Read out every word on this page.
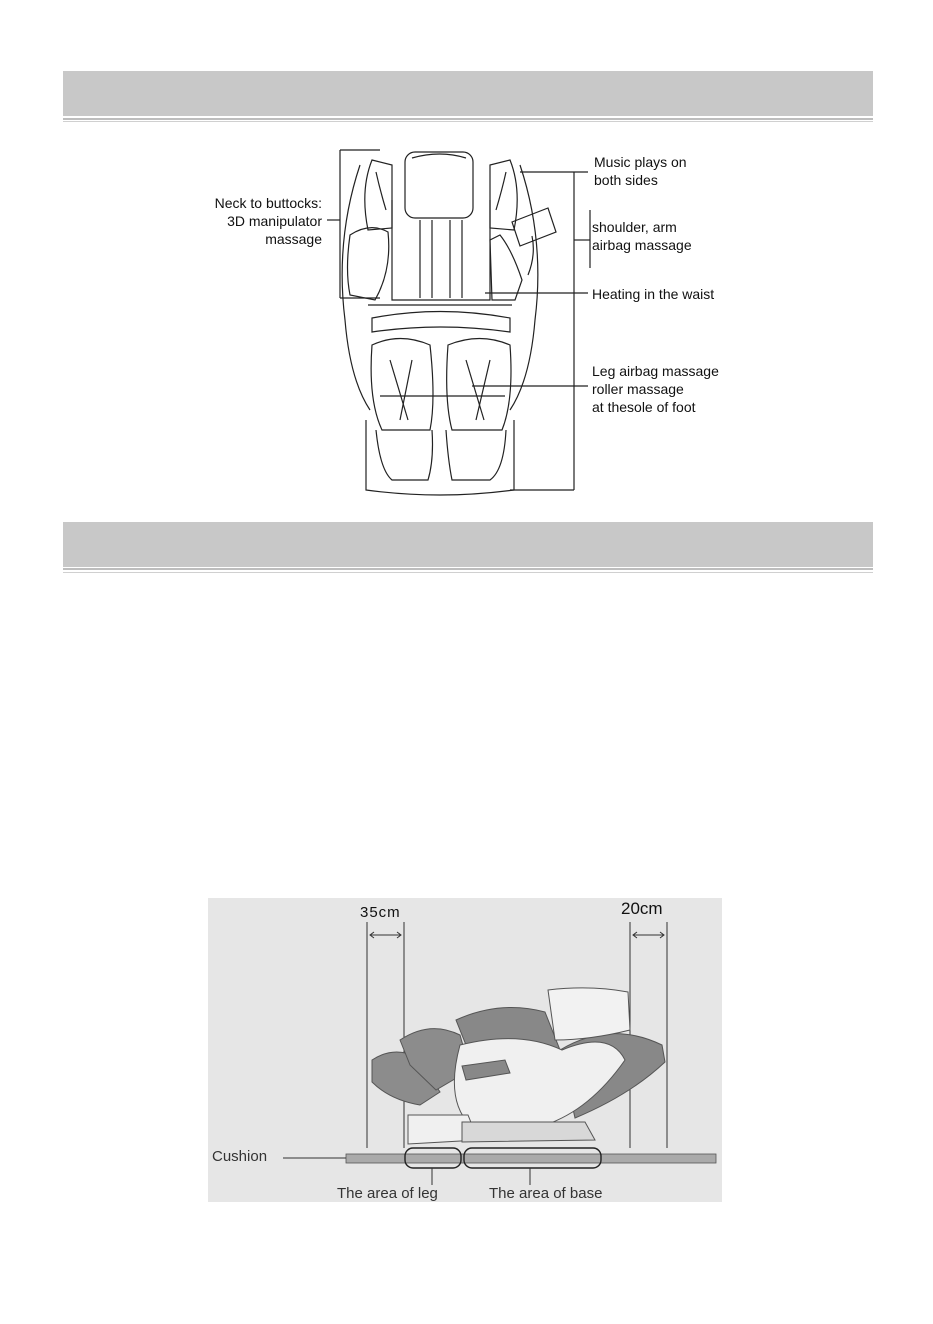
Neck to buttocks:
3D manipulator
massage
Music plays on
both sides
shoulder, arm
airbag massage
Heating in the waist
Leg airbag massage
roller massage
at thesole of foot
35cm	20cm
Cushion
The area of leg	The area of base
